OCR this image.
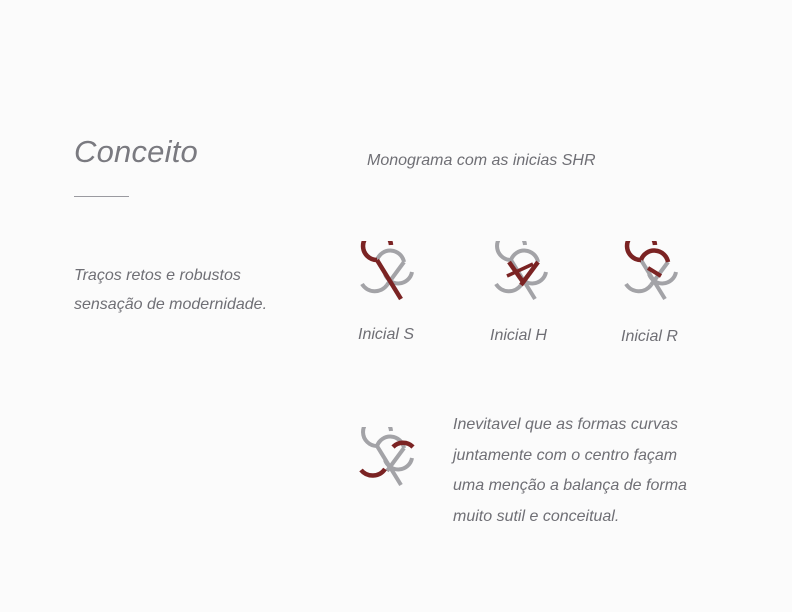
Conceito	Monograma com as inicias SHR
Traços retos e robustos
sensação de modernidade.
Inicial S	Inicial H	Inicial R
Inevitavel que as formas curvas
juntamente com o centro façam
uma menção a balança de forma
muito sutil e conceitual.
